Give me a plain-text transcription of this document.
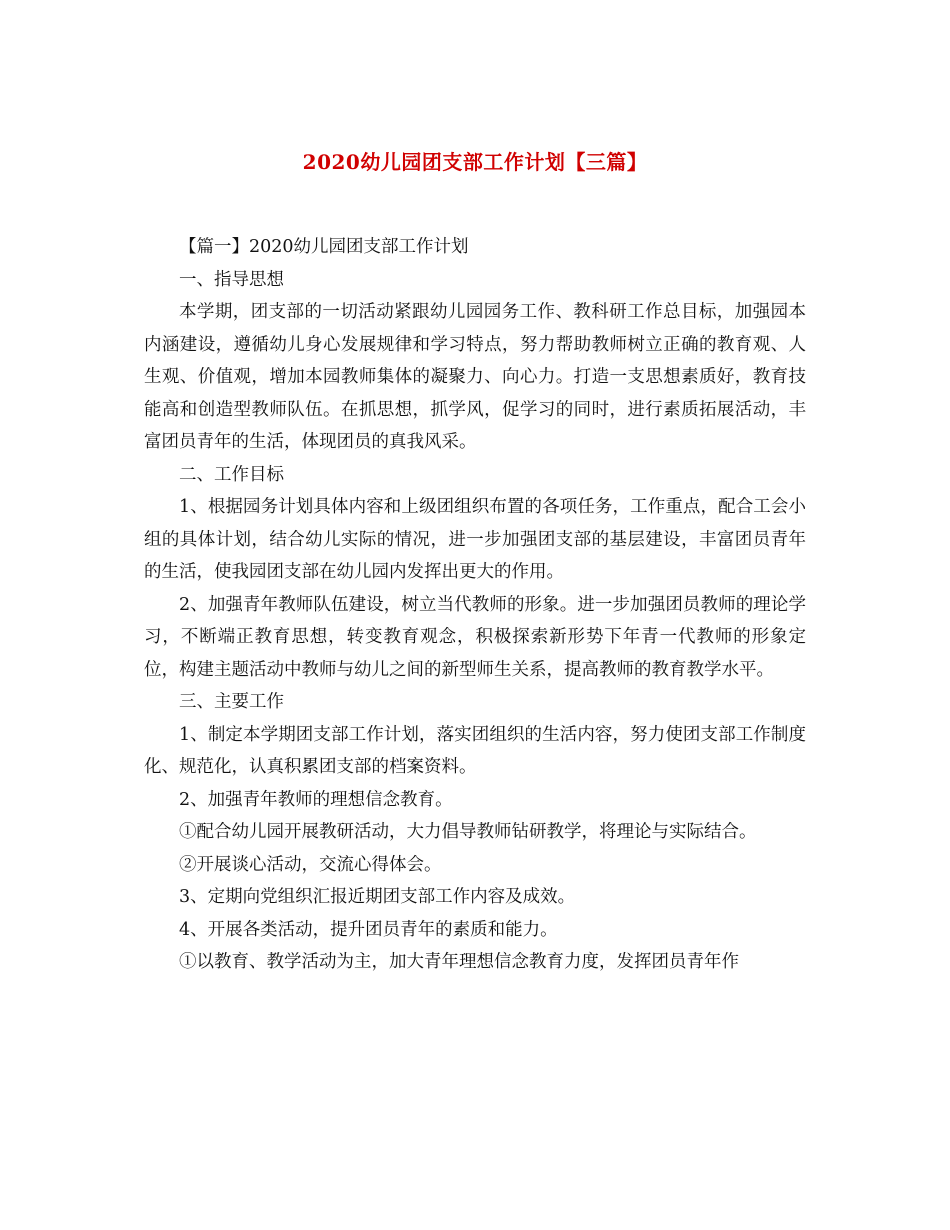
2020幼儿园团支部工作计划【三篇】

【篇一】2020幼儿园团支部工作计划

一、指导思想

本学期，团支部的一切活动紧跟幼儿园园务工作、教科研工作总目标，加强园本内涵建设，遵循幼儿身心发展规律和学习特点，努力帮助教师树立正确的教育观、人生观、价值观，增加本园教师集体的凝聚力、向心力。打造一支思想素质好，教育技能高和创造型教师队伍。在抓思想，抓学风，促学习的同时，进行素质拓展活动，丰富团员青年的生活，体现团员的真我风采。

二、工作目标

1、根据园务计划具体内容和上级团组织布置的各项任务，工作重点，配合工会小组的具体计划，结合幼儿实际的情况，进一步加强团支部的基层建设，丰富团员青年的生活，使我园团支部在幼儿园内发挥出更大的作用。

2、加强青年教师队伍建设，树立当代教师的形象。进一步加强团员教师的理论学习，不断端正教育思想，转变教育观念，积极探索新形势下年青一代教师的形象定位，构建主题活动中教师与幼儿之间的新型师生关系，提高教师的教育教学水平。

三、主要工作

1、制定本学期团支部工作计划，落实团组织的生活内容，努力使团支部工作制度化、规范化，认真积累团支部的档案资料。

2、加强青年教师的理想信念教育。

①配合幼儿园开展教研活动，大力倡导教师钻研教学，将理论与实际结合。

②开展谈心活动，交流心得体会。

3、定期向党组织汇报近期团支部工作内容及成效。

4、开展各类活动，提升团员青年的素质和能力。

①以教育、教学活动为主，加大青年理想信念教育力度，发挥团员青年作
